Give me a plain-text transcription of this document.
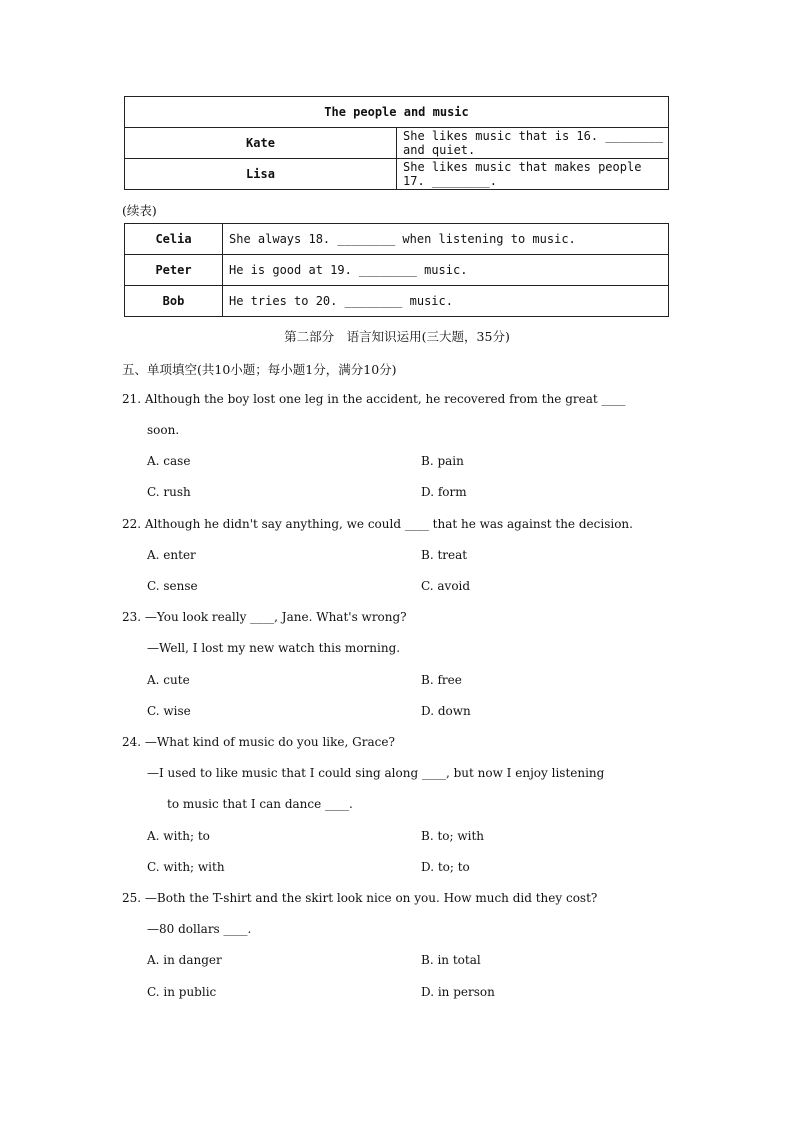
The people and music	
Kate	She likes music that is 16. ________ and quiet.
Lisa	She likes music that makes people 17. ________.
(续表)
Celia	She always 18. ________ when listening to music.
Peter	He is good at 19. ________ music.
Bob	He tries to 20. ________ music.
第二部分　语言知识运用(三大题，35分)
五、单项填空(共10小题；每小题1分，满分10分)
21. Although the boy lost one leg in the accident, he recovered from the great ____
soon.
A. case	B. pain
C. rush	D. form
22. Although he didn't say anything, we could ____ that he was against the decision.
A. enter	B. treat
C. sense	C. avoid
23. —You look really ____, Jane. What's wrong?
—Well, I lost my new watch this morning.
A. cute	B. free
C. wise	D. down
24. —What kind of music do you like, Grace?
—I used to like music that I could sing along ____, but now I enjoy listening
to music that I can dance ____.
A. with; to	B. to; with
C. with; with	D. to; to
25. —Both the T-shirt and the skirt look nice on you. How much did they cost?
—80 dollars ____.
A. in danger	B. in total
C. in public	D. in person
